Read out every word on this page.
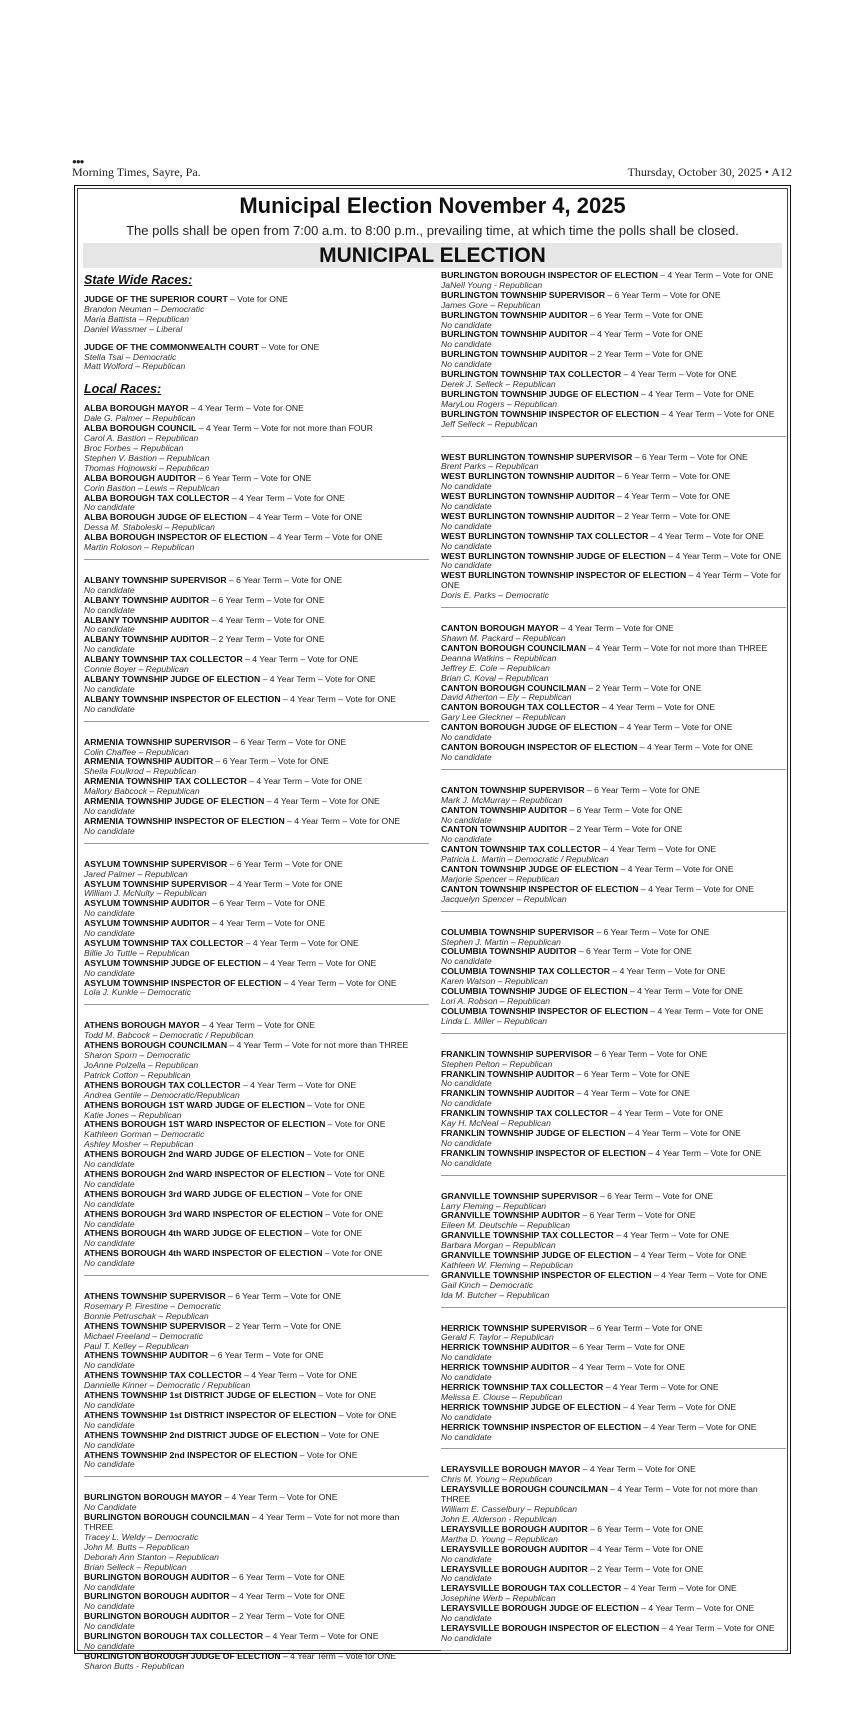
●●●
Morning Times, Sayre, Pa.	Thursday, October 30, 2025 • A12
Municipal Election November 4, 2025
The polls shall be open from 7:00 a.m. to 8:00 p.m., prevailing time, at which time the polls shall be closed.
MUNICIPAL ELECTION
State Wide Races:
JUDGE OF THE SUPERIOR COURT – Vote for ONE
Brandon Neuman – Democratic
Maria Battista – Republican
Daniel Wassmer – Liberal
JUDGE OF THE COMMONWEALTH COURT – Vote for ONE
Stella Tsai – Democratic
Matt Wolford – Republican
Local Races:
ALBA BOROUGH MAYOR – 4 Year Term – Vote for ONE
Dale G. Palmer – Republican
ALBA BOROUGH COUNCIL – 4 Year Term – Vote for not more than FOUR
Carol A. Bastion – Republican
Broc Forbes – Republican
Stephen V. Bastion – Republican
Thomas Hojnowski – Republican
ALBA BOROUGH AUDITOR – 6 Year Term – Vote for ONE
Corin Bastion – Lewis – Republican
ALBA BOROUGH TAX COLLECTOR – 4 Year Term – Vote for ONE
No candidate
ALBA BOROUGH JUDGE OF ELECTION – 4 Year Term – Vote for ONE
Dessa M. Staboleski – Republican
ALBA BOROUGH INSPECTOR OF ELECTION – 4 Year Term – Vote for ONE
Martin Roloson – Republican
ALBANY TOWNSHIP SUPERVISOR – 6 Year Term – Vote for ONE
No candidate
ALBANY TOWNSHIP AUDITOR – 6 Year Term – Vote for ONE
No candidate
ALBANY TOWNSHIP AUDITOR – 4 Year Term – Vote for ONE
No candidate
ALBANY TOWNSHIP AUDITOR – 2 Year Term – Vote for ONE
No candidate
ALBANY TOWNSHIP TAX COLLECTOR – 4 Year Term – Vote for ONE
Connie Boyer – Republican
ALBANY TOWNSHIP JUDGE OF ELECTION – 4 Year Term – Vote for ONE
No candidate
ALBANY TOWNSHIP INSPECTOR OF ELECTION – 4 Year Term – Vote for ONE
No candidate
ARMENIA TOWNSHIP SUPERVISOR – 6 Year Term – Vote for ONE
Colin Chaffee – Republican
ARMENIA TOWNSHIP AUDITOR – 6 Year Term – Vote for ONE
Sheila Foulkrod – Republican
ARMENIA TOWNSHIP TAX COLLECTOR – 4 Year Term – Vote for ONE
Mallory Babcock – Republican
ARMENIA TOWNSHIP JUDGE OF ELECTION – 4 Year Term – Vote for ONE
No candidate
ARMENIA TOWNSHIP INSPECTOR OF ELECTION – 4 Year Term – Vote for ONE
No candidate
ASYLUM TOWNSHIP SUPERVISOR – 6 Year Term – Vote for ONE
Jared Palmer – Republican
ASYLUM TOWNSHIP SUPERVISOR – 4 Year Term – Vote for ONE
William J. McNulty – Republican
ASYLUM TOWNSHIP AUDITOR – 6 Year Term – Vote for ONE
No candidate
ASYLUM TOWNSHIP AUDITOR – 4 Year Term – Vote for ONE
No candidate
ASYLUM TOWNSHIP TAX COLLECTOR – 4 Year Term – Vote for ONE
Billie Jo Tuttle – Republican
ASYLUM TOWNSHIP JUDGE OF ELECTION – 4 Year Term – Vote for ONE
No candidate
ASYLUM TOWNSHIP INSPECTOR OF ELECTION – 4 Year Term – Vote for ONE
Lola J. Kunkle – Democratic
ATHENS BOROUGH MAYOR – 4 Year Term – Vote for ONE
Todd M. Babcock – Democratic / Republican
ATHENS BOROUGH COUNCILMAN – 4 Year Term – Vote for not more than THREE
Sharon Sporn – Democratic
JoAnne Polzella – Republican
Patrick Cotton – Republican
ATHENS BOROUGH TAX COLLECTOR – 4 Year Term – Vote for ONE
Andrea Gentile – Democratic/Republican
ATHENS BOROUGH 1ST WARD JUDGE OF ELECTION – Vote for ONE
Katie Jones – Republican
ATHENS BOROUGH 1ST WARD INSPECTOR OF ELECTION – Vote for ONE
Kathleen Gorman – Democratic
Ashley Mosher – Republican
ATHENS BOROUGH 2nd WARD JUDGE OF ELECTION – Vote for ONE
No candidate
ATHENS BOROUGH 2nd WARD INSPECTOR OF ELECTION – Vote for ONE
No candidate
ATHENS BOROUGH 3rd WARD JUDGE OF ELECTION – Vote for ONE
No candidate
ATHENS BOROUGH 3rd WARD INSPECTOR OF ELECTION – Vote for ONE
No candidate
ATHENS BOROUGH 4th WARD JUDGE OF ELECTION – Vote for ONE
No candidate
ATHENS BOROUGH 4th WARD INSPECTOR OF ELECTION – Vote for ONE
No candidate
ATHENS TOWNSHIP SUPERVISOR – 6 Year Term – Vote for ONE
Rosemary P. Firestine – Democratic
Bonnie Petruschak – Republican
ATHENS TOWNSHIP SUPERVISOR – 2 Year Term – Vote for ONE
Michael Freeland – Democratic
Paul T. Kelley – Republican
ATHENS TOWNSHIP AUDITOR – 6 Year Term – Vote for ONE
No candidate
ATHENS TOWNSHIP TAX COLLECTOR – 4 Year Term – Vote for ONE
Dannielle Kinner – Democratic / Republican
ATHENS TOWNSHIP 1st DISTRICT JUDGE OF ELECTION – Vote for ONE
No candidate
ATHENS TOWNSHIP 1st DISTRICT INSPECTOR OF ELECTION – Vote for ONE
No candidate
ATHENS TOWNSHIP 2nd DISTRICT JUDGE OF ELECTION – Vote for ONE
No candidate
ATHENS TOWNSHIP 2nd INSPECTOR OF ELECTION – Vote for ONE
No candidate
BURLINGTON BOROUGH MAYOR – 4 Year Term – Vote for ONE
No Candidate
BURLINGTON BOROUGH COUNCILMAN – 4 Year Term – Vote for not more than THREE
Tracey L. Weldy – Democratic
John M. Butts – Republican
Deborah Ann Stanton – Republican
Brian Selleck – Republican
BURLINGTON BOROUGH AUDITOR – 6 Year Term – Vote for ONE
No candidate
BURLINGTON BOROUGH AUDITOR – 4 Year Term – Vote for ONE
No candidate
BURLINGTON BOROUGH AUDITOR – 2 Year Term – Vote for ONE
No candidate
BURLINGTON BOROUGH TAX COLLECTOR – 4 Year Term – Vote for ONE
No candidate
BURLINGTON BOROUGH JUDGE OF ELECTION – 4 Year Term – Vote for ONE
Sharon Butts - Republican
BURLINGTON BOROUGH INSPECTOR OF ELECTION – 4 Year Term – Vote for ONE
JaNell Young - Republican
BURLINGTON TOWNSHIP SUPERVISOR – 6 Year Term – Vote for ONE
James Gore – Republican
BURLINGTON TOWNSHIP AUDITOR – 6 Year Term – Vote for ONE
No candidate
BURLINGTON TOWNSHIP AUDITOR – 4 Year Term – Vote for ONE
No candidate
BURLINGTON TOWNSHIP AUDITOR – 2 Year Term – Vote for ONE
No candidate
BURLINGTON TOWNSHIP TAX COLLECTOR – 4 Year Term – Vote for ONE
Derek J. Selleck – Republican
BURLINGTON TOWNSHIP JUDGE OF ELECTION – 4 Year Term – Vote for ONE
MaryLou Rogers – Republican
BURLINGTON TOWNSHIP INSPECTOR OF ELECTION – 4 Year Term – Vote for ONE
Jeff Selleck – Republican
WEST BURLINGTON TOWNSHIP SUPERVISOR – 6 Year Term – Vote for ONE
Brent Parks – Republican
WEST BURLINGTON TOWNSHIP AUDITOR – 6 Year Term – Vote for ONE
No candidate
WEST BURLINGTON TOWNSHIP AUDITOR – 4 Year Term – Vote for ONE
No candidate
WEST BURLINGTON TOWNSHIP AUDITOR – 2 Year Term – Vote for ONE
No candidate
WEST BURLINGTON TOWNSHIP TAX COLLECTOR – 4 Year Term – Vote for ONE
No candidate
WEST BURLINGTON TOWNSHIP JUDGE OF ELECTION – 4 Year Term – Vote for ONE
No candidate
WEST BURLINGTON TOWNSHIP INSPECTOR OF ELECTION – 4 Year Term – Vote for ONE
Doris E. Parks – Democratic
CANTON BOROUGH MAYOR – 4 Year Term – Vote for ONE
Shawn M. Packard – Republican
CANTON BOROUGH COUNCILMAN – 4 Year Term – Vote for not more than THREE
Deanna Watkins – Republican
Jeffrey E. Cole – Republican
Brian C. Koval – Republican
CANTON BOROUGH COUNCILMAN – 2 Year Term – Vote for ONE
David Atherton – Ely – Republican
CANTON BOROUGH TAX COLLECTOR – 4 Year Term – Vote for ONE
Gary Lee Gleckner – Republican
CANTON BOROUGH JUDGE OF ELECTION – 4 Year Term – Vote for ONE
No candidate
CANTON BOROUGH INSPECTOR OF ELECTION – 4 Year Term – Vote for ONE
No candidate
CANTON TOWNSHIP SUPERVISOR – 6 Year Term – Vote for ONE
Mark J. McMurray – Republican
CANTON TOWNSHIP AUDITOR – 6 Year Term – Vote for ONE
No candidate
CANTON TOWNSHIP AUDITOR – 2 Year Term – Vote for ONE
No candidate
CANTON TOWNSHIP TAX COLLECTOR – 4 Year Term – Vote for ONE
Patricia L. Martin – Democratic / Republican
CANTON TOWNSHIP JUDGE OF ELECTION – 4 Year Term – Vote for ONE
Marjorie Spencer – Republican
CANTON TOWNSHIP INSPECTOR OF ELECTION – 4 Year Term – Vote for ONE
Jacquelyn Spencer – Republican
COLUMBIA TOWNSHIP SUPERVISOR – 6 Year Term – Vote for ONE
Stephen J. Martin – Republican
COLUMBIA TOWNSHIP AUDITOR – 6 Year Term – Vote for ONE
No candidate
COLUMBIA TOWNSHIP TAX COLLECTOR – 4 Year Term – Vote for ONE
Karen Watson – Republican
COLUMBIA TOWNSHIP JUDGE OF ELECTION – 4 Year Term – Vote for ONE
Lori A. Robson – Republican
COLUMBIA TOWNSHIP INSPECTOR OF ELECTION – 4 Year Term – Vote for ONE
Linda L. Miller – Republican
FRANKLIN TOWNSHIP SUPERVISOR – 6 Year Term – Vote for ONE
Stephen Pelton – Republican
FRANKLIN TOWNSHIP AUDITOR – 6 Year Term – Vote for ONE
No candidate
FRANKLIN TOWNSHIP AUDITOR – 4 Year Term – Vote for ONE
No candidate
FRANKLIN TOWNSHIP TAX COLLECTOR – 4 Year Term – Vote for ONE
Kay H. McNeal – Republican
FRANKLIN TOWNSHIP JUDGE OF ELECTION – 4 Year Term – Vote for ONE
No candidate
FRANKLIN TOWNSHIP INSPECTOR OF ELECTION – 4 Year Term – Vote for ONE
No candidate
GRANVILLE TOWNSHIP SUPERVISOR – 6 Year Term – Vote for ONE
Larry Fleming – Republican
GRANVILLE TOWNSHIP AUDITOR – 6 Year Term – Vote for ONE
Eileen M. Deutschle – Republican
GRANVILLE TOWNSHIP TAX COLLECTOR – 4 Year Term – Vote for ONE
Barbara Morgan – Republican
GRANVILLE TOWNSHIP JUDGE OF ELECTION – 4 Year Term – Vote for ONE
Kathleen W. Fleming – Republican
GRANVILLE TOWNSHIP INSPECTOR OF ELECTION – 4 Year Term – Vote for ONE
Gail Kinch – Democratic
Ida M. Butcher – Republican
HERRICK TOWNSHIP SUPERVISOR – 6 Year Term – Vote for ONE
Gerald F. Taylor – Republican
HERRICK TOWNSHIP AUDITOR – 6 Year Term – Vote for ONE
No candidate
HERRICK TOWNSHIP AUDITOR – 4 Year Term – Vote for ONE
No candidate
HERRICK TOWNSHIP TAX COLLECTOR – 4 Year Term – Vote for ONE
Melissa E. Clouse – Republican
HERRICK TOWNSHIP JUDGE OF ELECTION – 4 Year Term – Vote for ONE
No candidate
HERRICK TOWNSHIP INSPECTOR OF ELECTION – 4 Year Term – Vote for ONE
No candidate
LERAYSVILLE BOROUGH MAYOR – 4 Year Term – Vote for ONE
Chris M. Young – Republican
LERAYSVILLE BOROUGH COUNCILMAN – 4 Year Term – Vote for not more than THREE
William E. Casselbury – Republican
John E. Alderson - Republican
LERAYSVILLE BOROUGH AUDITOR – 6 Year Term – Vote for ONE
Martha D. Young – Republican
LERAYSVILLE BOROUGH AUDITOR – 4 Year Term – Vote for ONE
No candidate
LERAYSVILLE BOROUGH AUDITOR – 2 Year Term – Vote for ONE
No candidate
LERAYSVILLE BOROUGH TAX COLLECTOR – 4 Year Term – Vote for ONE
Josephine Werb – Republican
LERAYSVILLE BOROUGH JUDGE OF ELECTION – 4 Year Term – Vote for ONE
No candidate
LERAYSVILLE BOROUGH INSPECTOR OF ELECTION – 4 Year Term – Vote for ONE
No candidate
